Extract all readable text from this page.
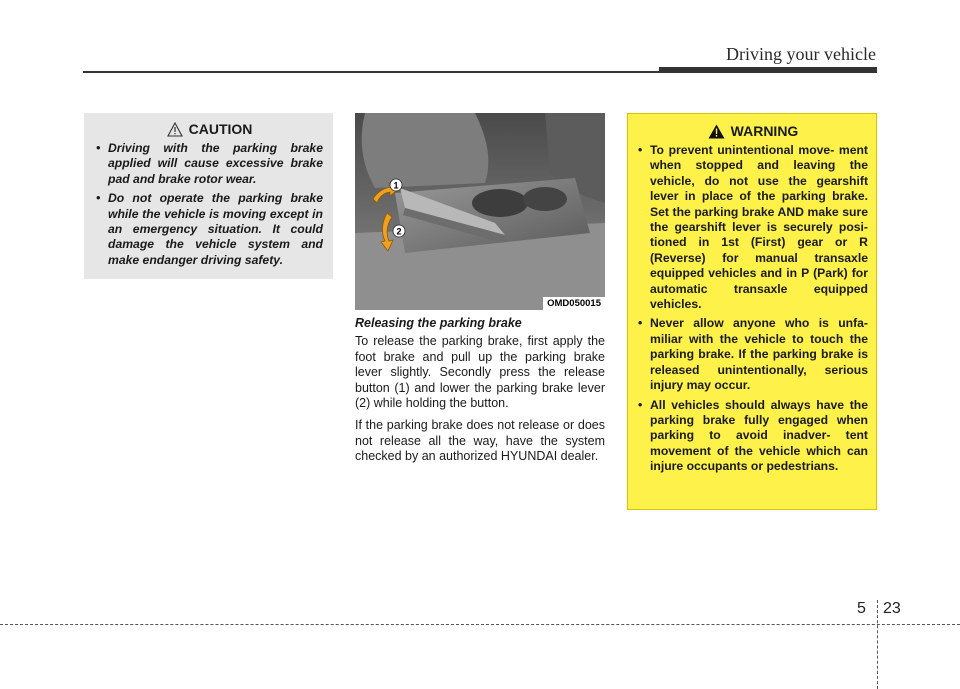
Driving your vehicle
CAUTION
• Driving with the parking brake applied will cause excessive brake pad and brake rotor wear.
• Do not operate the parking brake while the vehicle is moving except in an emergency situation. It could damage the vehicle system and make endanger driving safety.
1
2
OMD050015
Releasing the parking brake

To release the parking brake, first apply the foot brake and pull up the parking brake lever slightly. Secondly press the release button (1) and lower the parking brake lever (2) while holding the button.

If the parking brake does not release or does not release all the way, have the system checked by an authorized HYUNDAI dealer.

WARNING
• To prevent unintentional move- ment when stopped and leaving the vehicle, do not use the gearshift lever in place of the parking brake. Set the parking brake AND make sure the gearshift lever is securely posi- tioned in 1st (First) gear or R (Reverse) for manual transaxle equipped vehicles and in P (Park) for automatic transaxle equipped vehicles.
• Never allow anyone who is unfa- miliar with the vehicle to touch the parking brake. If the parking brake is released unintentionally, serious injury may occur.
• All vehicles should always have the parking brake fully engaged when parking to avoid inadver- tent movement of the vehicle which can injure occupants or pedestrians.
5 23
